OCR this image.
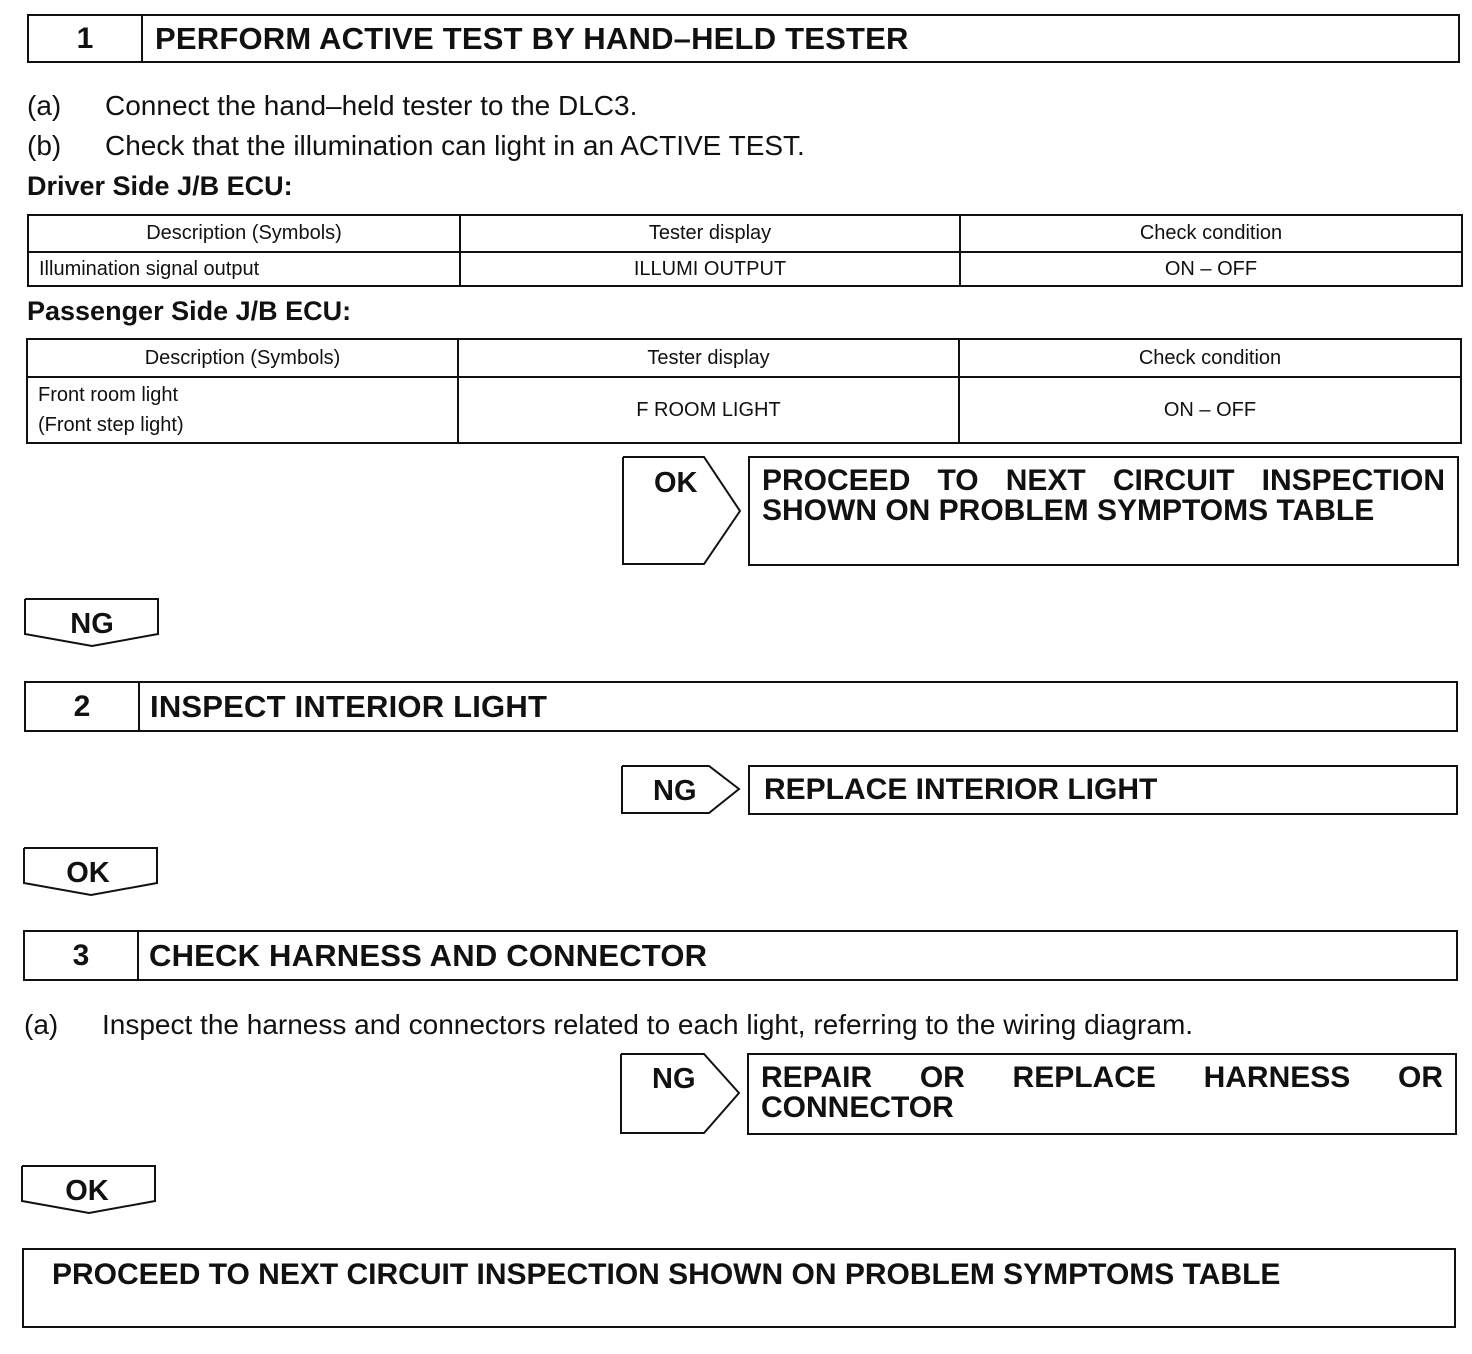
1	PERFORM ACTIVE TEST BY HAND–HELD TESTER
(a) Connect the hand–held tester to the DLC3.
(b) Check that the illumination can light in an ACTIVE TEST.
Driver Side J/B ECU:
Description (Symbols)	Tester display	Check condition
Illumination signal output	ILLUMI OUTPUT	ON – OFF
Passenger Side J/B ECU:
Description (Symbols)	Tester display	Check condition

Front room light
(Front step light)	F ROOM LIGHT	ON – OFF
OK	PROCEED TO NEXT CIRCUIT INSPECTION
SHOWN ON PROBLEM SYMPTOMS TABLE
NG
2	INSPECT INTERIOR LIGHT
NG	REPLACE INTERIOR LIGHT
OK
3	CHECK HARNESS AND CONNECTOR
(a) Inspect the harness and connectors related to each light, referring to the wiring diagram.
NG	REPAIR OR REPLACE HARNESS OR
CONNECTOR
OK
PROCEED TO NEXT CIRCUIT INSPECTION SHOWN ON PROBLEM SYMPTOMS TABLE
